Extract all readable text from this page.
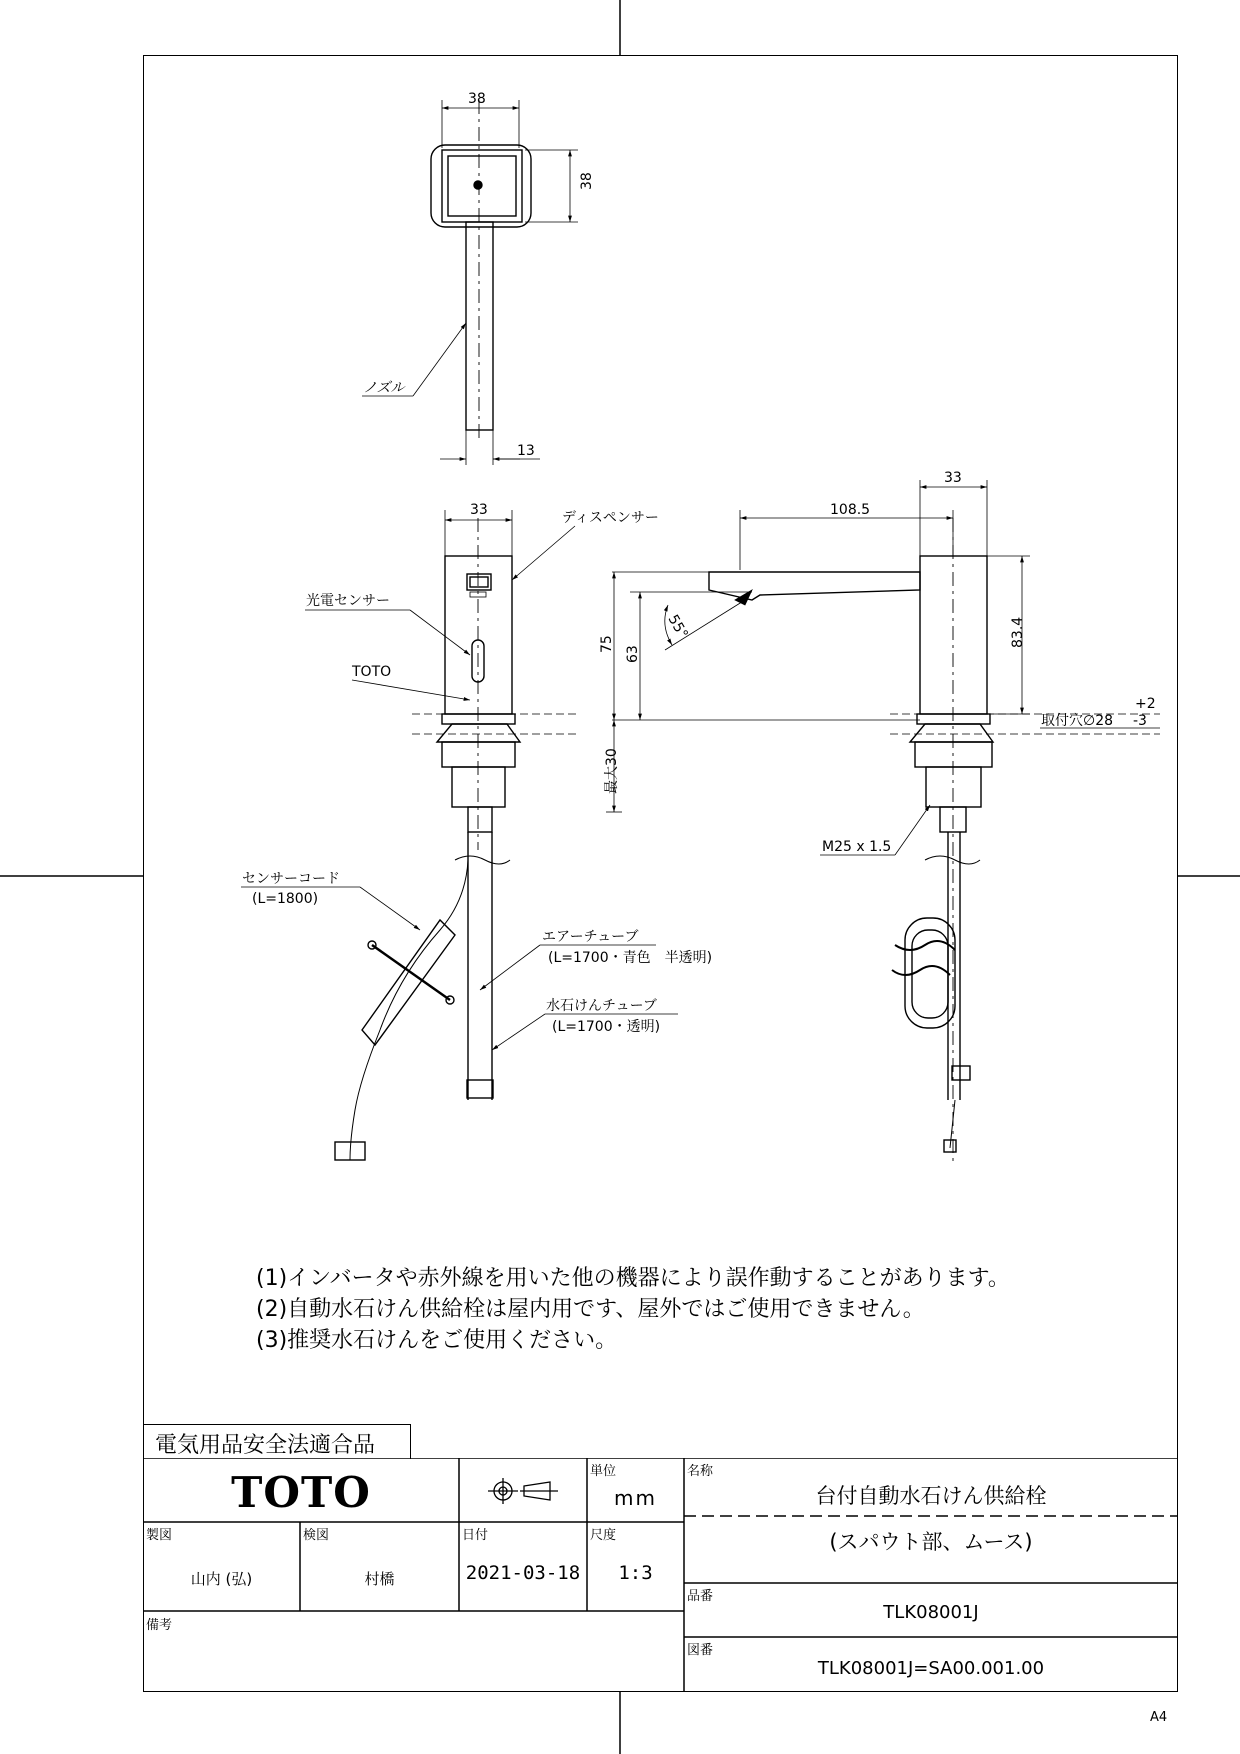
38
38
13
ノズル
33	ディスペンサー
光電センサー
TOTO
33
108.5
75
63
55°	83.4
最大30
取付穴∅28
+2
-3
M25 x 1.5
センサーコード
(L=1800)
エアーチューブ
(L=1700・青色　半透明)
水石けんチューブ
(L=1700・透明)
(1)インバータや赤外線を用いた他の機器により誤作動することがあります。
(2)自動水石けん供給栓は屋内用です、屋外ではご使用できません。
(3)推奨水石けんをご使用ください。
電気用品安全法適合品
TOTO	単位
mm
名称
台付自動水石けん供給栓
(スパウト部、ムース)
製図
山内 (弘)
検図
村橋
日付
2021-03-18
尺度
1:3
品番
TLK08001J
備考
図番
TLK08001J=SA00.001.00
A4
